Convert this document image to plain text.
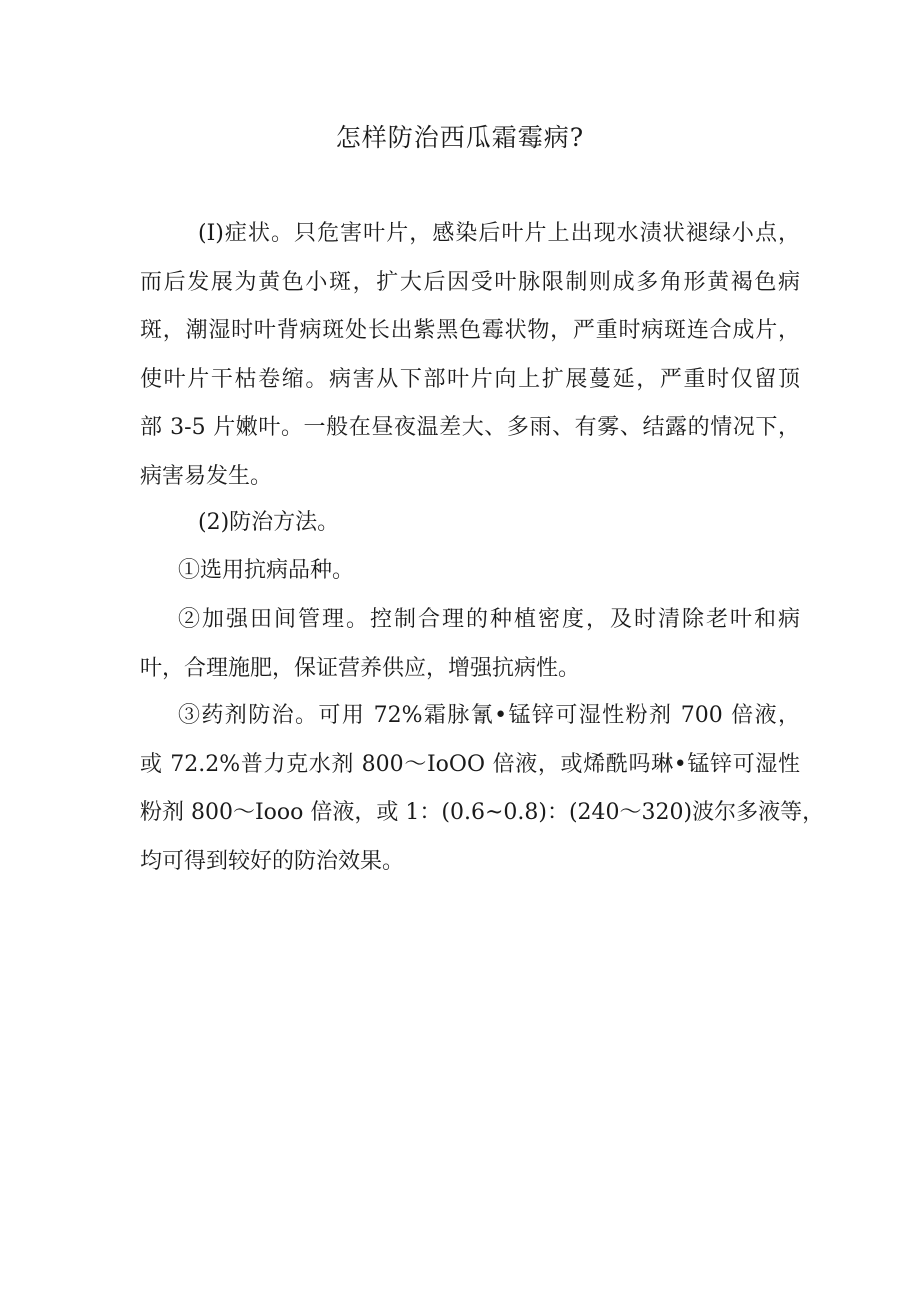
怎样防治西瓜霜霉病?
(I)症状。只危害叶片，感染后叶片上出现水渍状褪绿小点，
而后发展为黄色小斑，扩大后因受叶脉限制则成多角形黄褐色病
斑，潮湿时叶背病斑处长出紫黑色霉状物，严重时病斑连合成片，
使叶片干枯卷缩。病害从下部叶片向上扩展蔓延，严重时仅留顶
部 3-5 片嫩叶。一般在昼夜温差大、多雨、有雾、结露的情况下，
病害易发生。
(2)防治方法。
①选用抗病品种。
②加强田间管理。控制合理的种植密度，及时清除老叶和病
叶，合理施肥，保证营养供应，增强抗病性。
③药剂防治。可用 72%霜脉氰•锰锌可湿性粉剂 700 倍液，
或 72.2%普力克水剂 800～IoOO 倍液，或烯酰吗琳•锰锌可湿性
粉剂 800～Iooo 倍液，或 1：(0.6~0.8)：(240～320)波尔多液等，
均可得到较好的防治效果。
